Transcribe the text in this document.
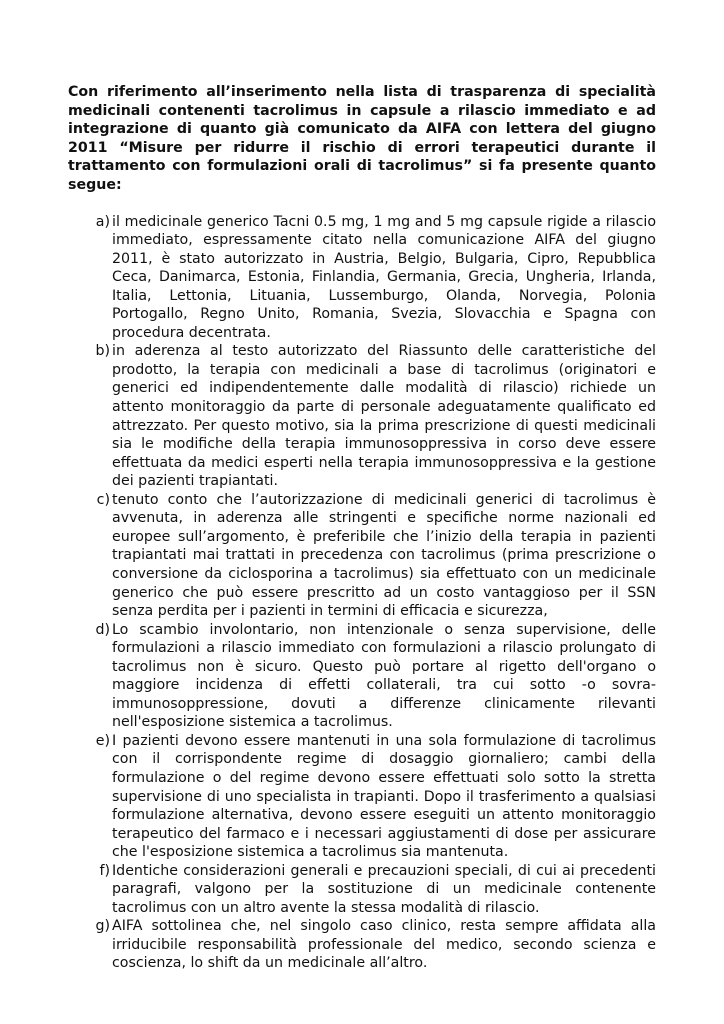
Con riferimento all’inserimento nella lista di trasparenza di specialità medicinali contenenti tacrolimus in capsule a rilascio immediato e ad integrazione di quanto già comunicato da AIFA con lettera del giugno 2011 “Misure per ridurre il rischio di errori terapeutici durante il trattamento con formulazioni orali di tacrolimus” si fa presente quanto segue:

a) il medicinale generico Tacni 0.5 mg, 1 mg and 5 mg capsule rigide a rilascio immediato, espressamente citato nella comunicazione AIFA del giugno 2011, è stato autorizzato in Austria, Belgio, Bulgaria, Cipro, Repubblica Ceca, Danimarca, Estonia, Finlandia, Germania, Grecia, Ungheria, Irlanda, Italia, Lettonia, Lituania, Lussemburgo, Olanda, Norvegia, Polonia Portogallo, Regno Unito, Romania, Svezia, Slovacchia e Spagna con procedura decentrata.
b) in aderenza al testo autorizzato del Riassunto delle caratteristiche del prodotto, la terapia con medicinali a base di tacrolimus (originatori e generici ed indipendentemente dalle modalità di rilascio) richiede un attento monitoraggio da parte di personale adeguatamente qualificato ed attrezzato. Per questo motivo, sia la prima prescrizione di questi medicinali sia le modifiche della terapia immunosoppressiva in corso deve essere effettuata da medici esperti nella terapia immunosoppressiva e la gestione dei pazienti trapiantati.
c) tenuto conto che l’autorizzazione di medicinali generici di tacrolimus è avvenuta, in aderenza alle stringenti e specifiche norme nazionali ed europee sull’argomento, è preferibile che l’inizio della terapia in pazienti trapiantati mai trattati in precedenza con tacrolimus (prima prescrizione o conversione da ciclosporina a tacrolimus) sia effettuato con un medicinale generico che può essere prescritto ad un costo vantaggioso per il SSN senza perdita per i pazienti in termini di efficacia e sicurezza,
d) Lo scambio involontario, non intenzionale o senza supervisione, delle formulazioni a rilascio immediato con formulazioni a rilascio prolungato di tacrolimus non è sicuro. Questo può portare al rigetto dell'organo o maggiore incidenza di effetti collaterali, tra cui sotto -o sovra-immunosoppressione, dovuti a differenze clinicamente rilevanti nell'esposizione sistemica a tacrolimus.
e) I pazienti devono essere mantenuti in una sola formulazione di tacrolimus con il corrispondente regime di dosaggio giornaliero; cambi della formulazione o del regime devono essere effettuati solo sotto la stretta supervisione di uno specialista in trapianti. Dopo il trasferimento a qualsiasi formulazione alternativa, devono essere eseguiti un attento monitoraggio terapeutico del farmaco e i necessari aggiustamenti di dose per assicurare che l'esposizione sistemica a tacrolimus sia mantenuta.
f) Identiche considerazioni generali e precauzioni speciali, di cui ai precedenti paragrafi, valgono per la sostituzione di un medicinale contenente tacrolimus con un altro avente la stessa modalità di rilascio.
g) AIFA sottolinea che, nel singolo caso clinico, resta sempre affidata alla irriducibile responsabilità professionale del medico, secondo scienza e coscienza, lo shift da un medicinale all’altro.
